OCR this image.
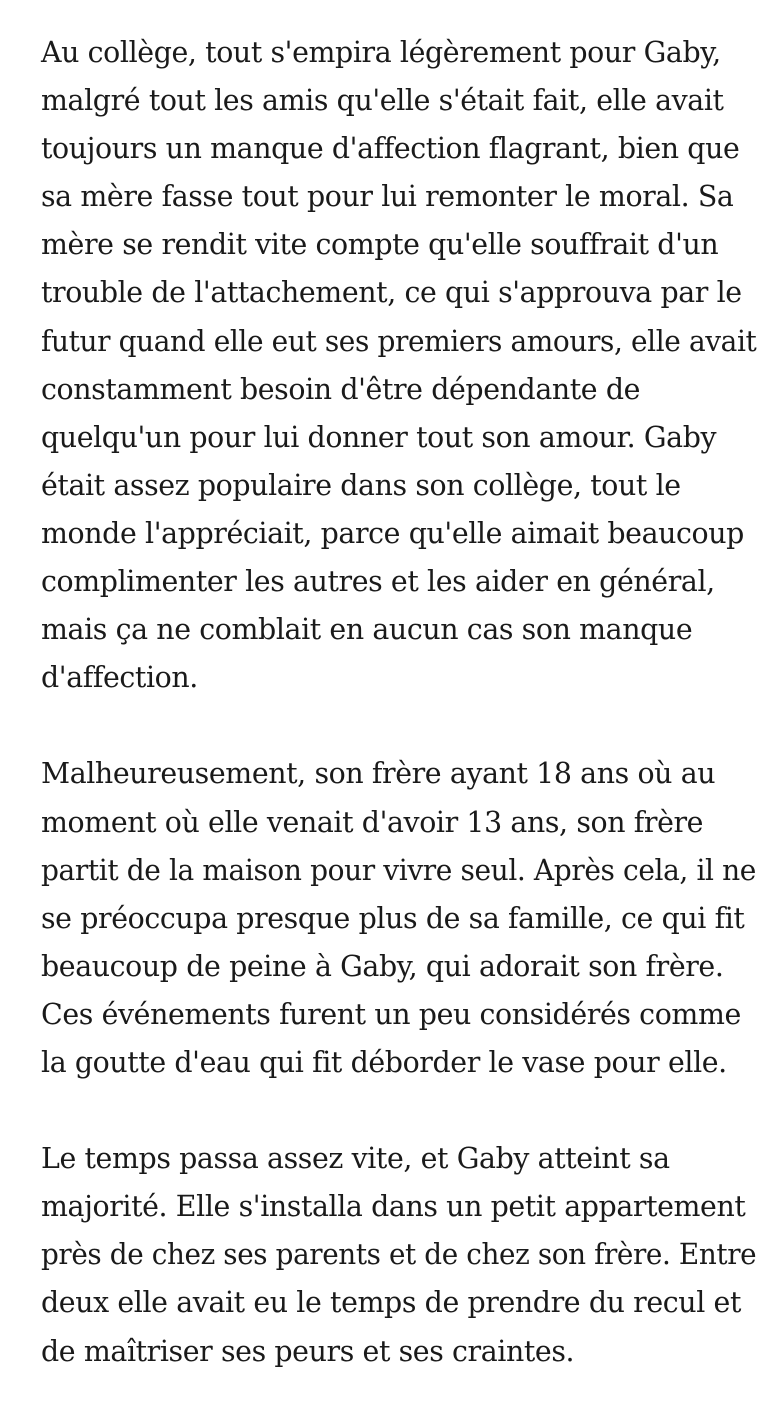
Au collège, tout s'empira légèrement pour Gaby,
malgré tout les amis qu'elle s'était fait, elle avait
toujours un manque d'affection flagrant, bien que
sa mère fasse tout pour lui remonter le moral. Sa
mère se rendit vite compte qu'elle souffrait d'un
trouble de l'attachement, ce qui s'approuva par le
futur quand elle eut ses premiers amours, elle avait
constamment besoin d'être dépendante de
quelqu'un pour lui donner tout son amour. Gaby
était assez populaire dans son collège, tout le
monde l'appréciait, parce qu'elle aimait beaucoup
complimenter les autres et les aider en général,
mais ça ne comblait en aucun cas son manque
d'affection.

Malheureusement, son frère ayant 18 ans où au
moment où elle venait d'avoir 13 ans, son frère
partit de la maison pour vivre seul. Après cela, il ne
se préoccupa presque plus de sa famille, ce qui fit
beaucoup de peine à Gaby, qui adorait son frère.
Ces événements furent un peu considérés comme
la goutte d'eau qui fit déborder le vase pour elle.

Le temps passa assez vite, et Gaby atteint sa
majorité. Elle s'installa dans un petit appartement
près de chez ses parents et de chez son frère. Entre
deux elle avait eu le temps de prendre du recul et
de maîtriser ses peurs et ses craintes.
